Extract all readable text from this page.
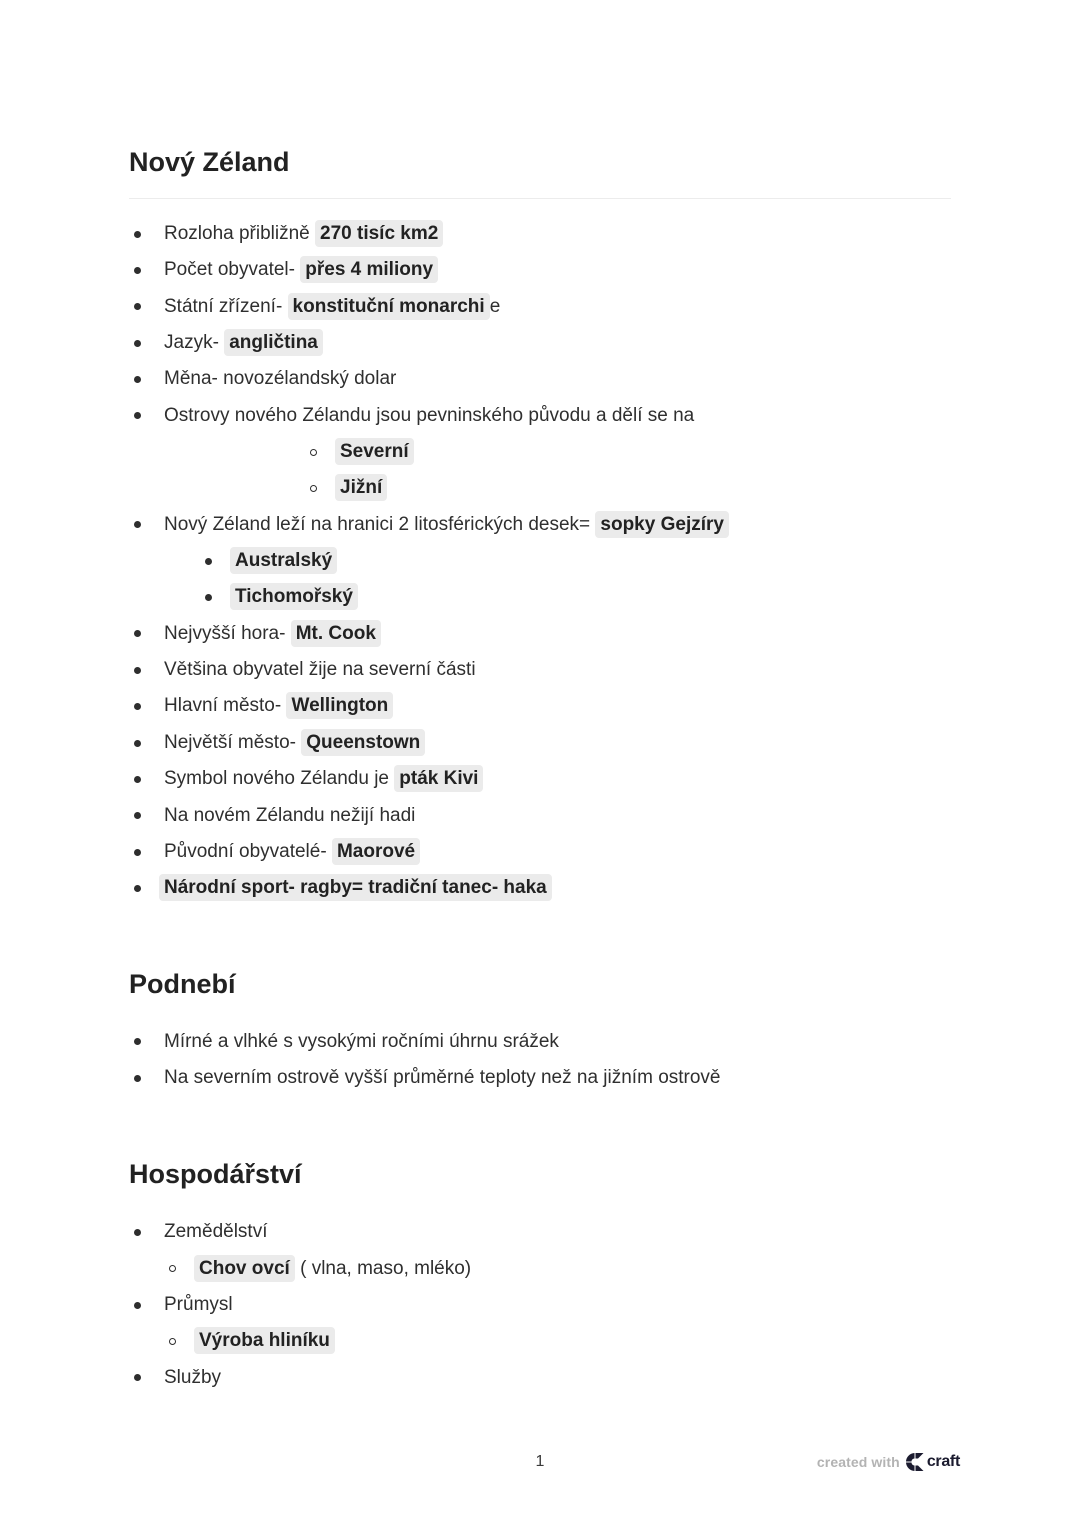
Nový Zéland
Rozloha přibližně 270 tisíc km2
Počet obyvatel- přes 4 miliony
Státní zřízení- konstituční monarchi e
Jazyk- angličtina
Měna- novozélandský dolar
Ostrovy nového Zélandu jsou pevninského původu a dělí se na
Severní
Jižní
Nový Zéland leží na hranici 2 litosférických desek= sopky Gejzíry
Australský
Tichomořský
Nejvyšší hora- Mt. Cook
Většina obyvatel žije na severní části
Hlavní město- Wellington
Největší město- Queenstown
Symbol nového Zélandu je pták Kivi
Na novém Zélandu nežijí hadi
Původní obyvatelé- Maorové
Národní sport- ragby= tradiční tanec- haka
Podnebí
Mírné a vlhké s vysokými ročními úhrnu srážek
Na severním ostrově vyšší průměrné teploty než na jižním ostrově
Hospodářství
Zemědělství
Chov ovcí ( vlna, maso, mléko)
Průmysl
Výroba hliníku
Služby
1	created with craft
